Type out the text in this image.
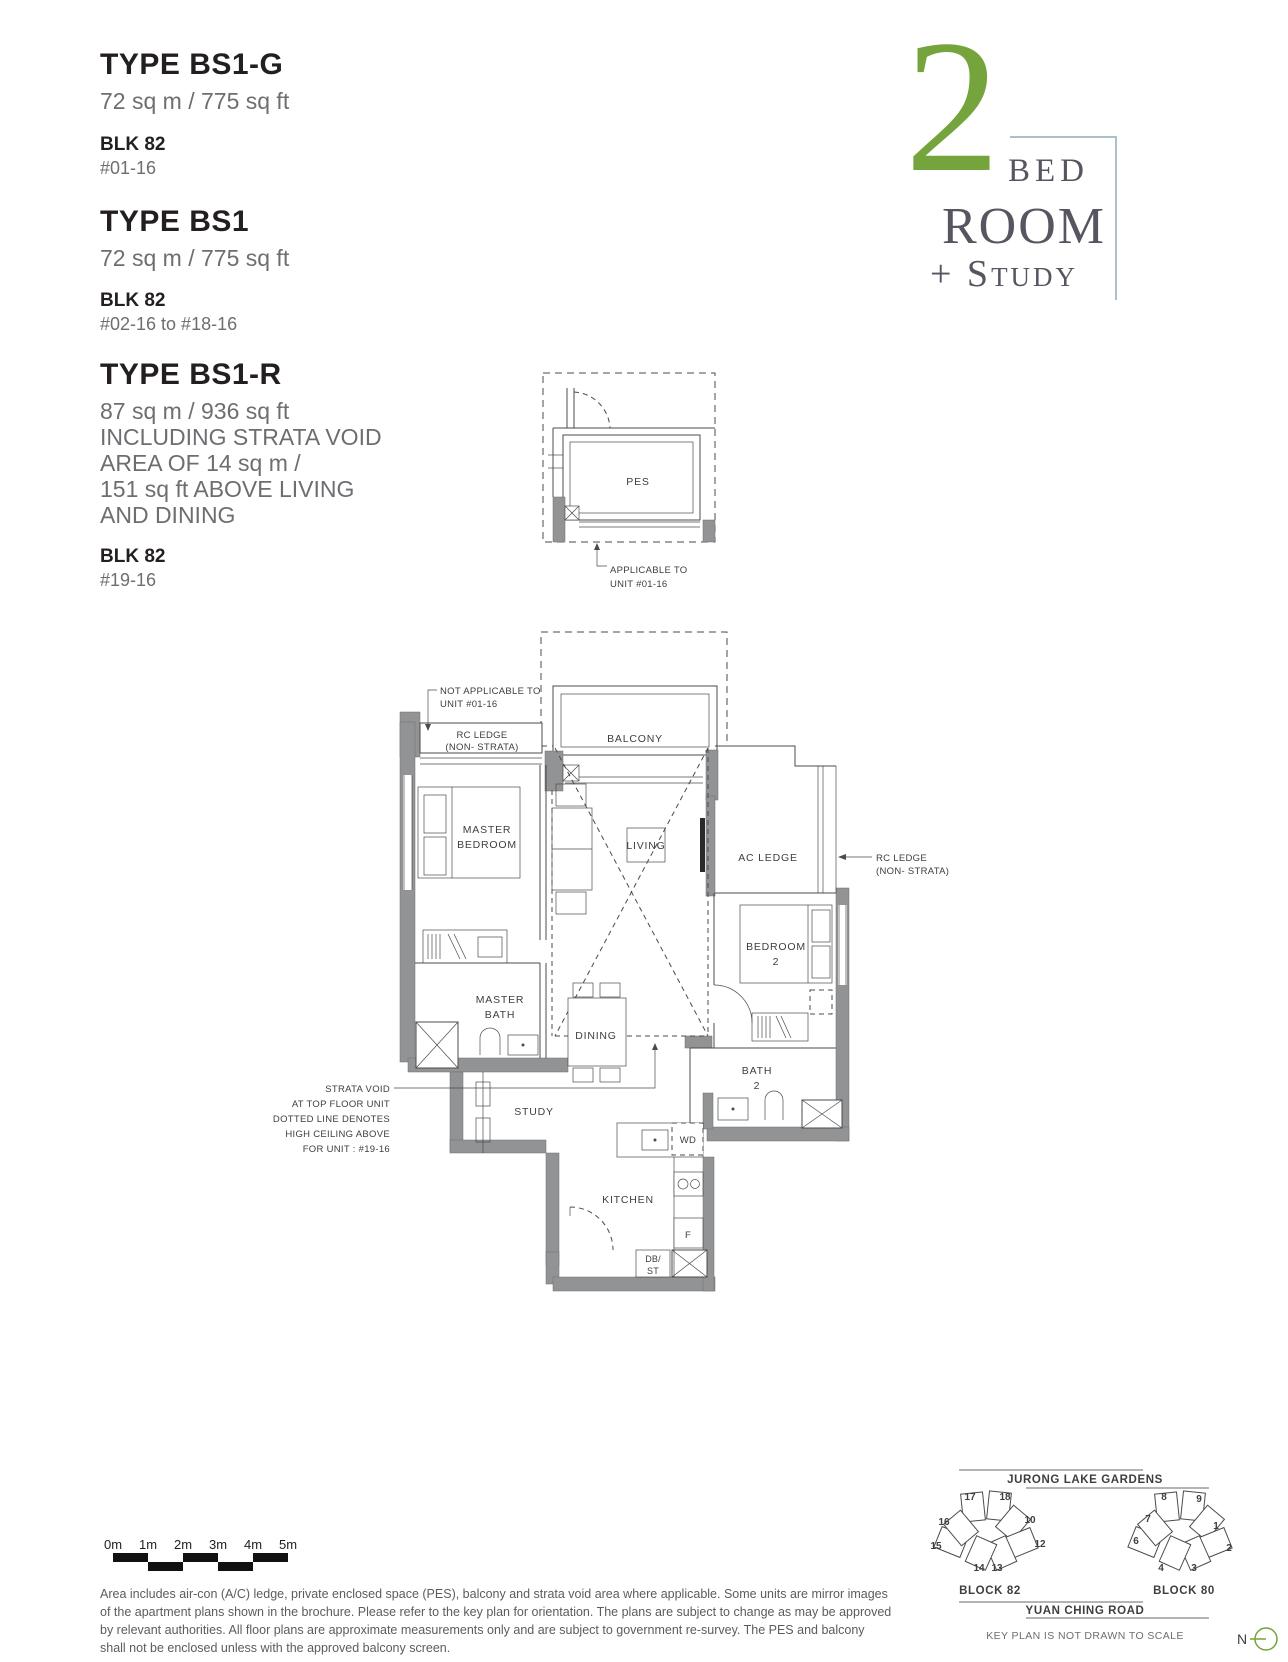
TYPE BS1-G
72 sq m / 775 sq ft
BLK 82
#01-16
TYPE BS1
72 sq m / 775 sq ft
BLK 82
#02-16 to #18-16
TYPE BS1-R
87 sq m / 936 sq ft
INCLUDING STRATA VOID
AREA OF 14 sq m /
151 sq ft ABOVE LIVING
AND DINING
BLK 82
#19-16
2 BED
ROOM
+ Study
PES
APPLICABLE TO
UNIT #01-16
BALCONY
RC LEDGE
(NON- STRATA)
NOT APPLICABLE TO
UNIT #01-16
MASTER
BEDROOM	LIVING
AC LEDGE	RC LEDGE
(NON- STRATA)
BEDROOM
2
BATH
2
MASTER
BATH
DINING
STRATA VOID
AT TOP FLOOR UNIT
DOTTED LINE DENOTES
HIGH CEILING ABOVE
FOR UNIT : #19-16
STUDY
WD
F
KITCHEN
DB/
ST
0m 1m 2m 3m 4m 5m
Area includes air-con (A/C) ledge, private enclosed space (PES), balcony and strata void area where applicable. Some units are mirror images
of the apartment plans shown in the brochure. Please refer to the key plan for orientation. The plans are subject to change as may be approved
by relevant authorities. All floor plans are approximate measurements only and are subject to government re-survey. The PES and balcony
shall not be enclosed unless with the approved balcony screen.
JURONG LAKE GARDENS
17 18
16	10
15	12
14 13
BLOCK 82
8	9
7
1
6
2
4	3
BLOCK 80
YUAN CHING ROAD
KEY PLAN IS NOT DRAWN TO SCALE	N
